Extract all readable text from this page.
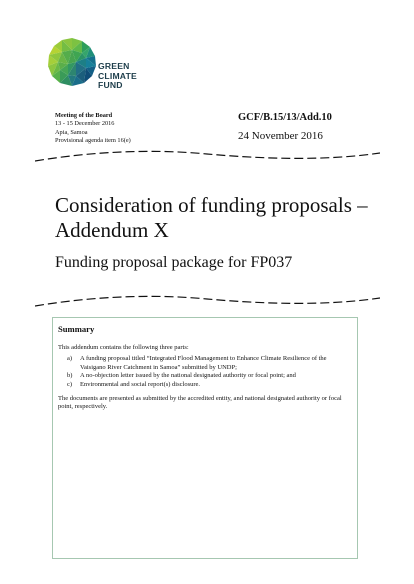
GREEN
CLIMATE
FUND
Meeting of the Board
13 - 15 December 2016
Apia, Samoa
Provisional agenda item 16(e)
GCF/B.15/13/Add.10
24 November 2016
Consideration of funding proposals – Addendum X
Funding proposal package for FP037
Summary
This addendum contains the following three parts:
a) A funding proposal titled “Integrated Flood Management to Enhance Climate Resilience of the Vaisigano River Catchment in Samoa” submitted by UNDP;
b) A no-objection letter issued by the national designated authority or focal point; and
c) Environmental and social report(s) disclosure.
The documents are presented as submitted by the accredited entity, and national designated authority or focal point, respectively.
